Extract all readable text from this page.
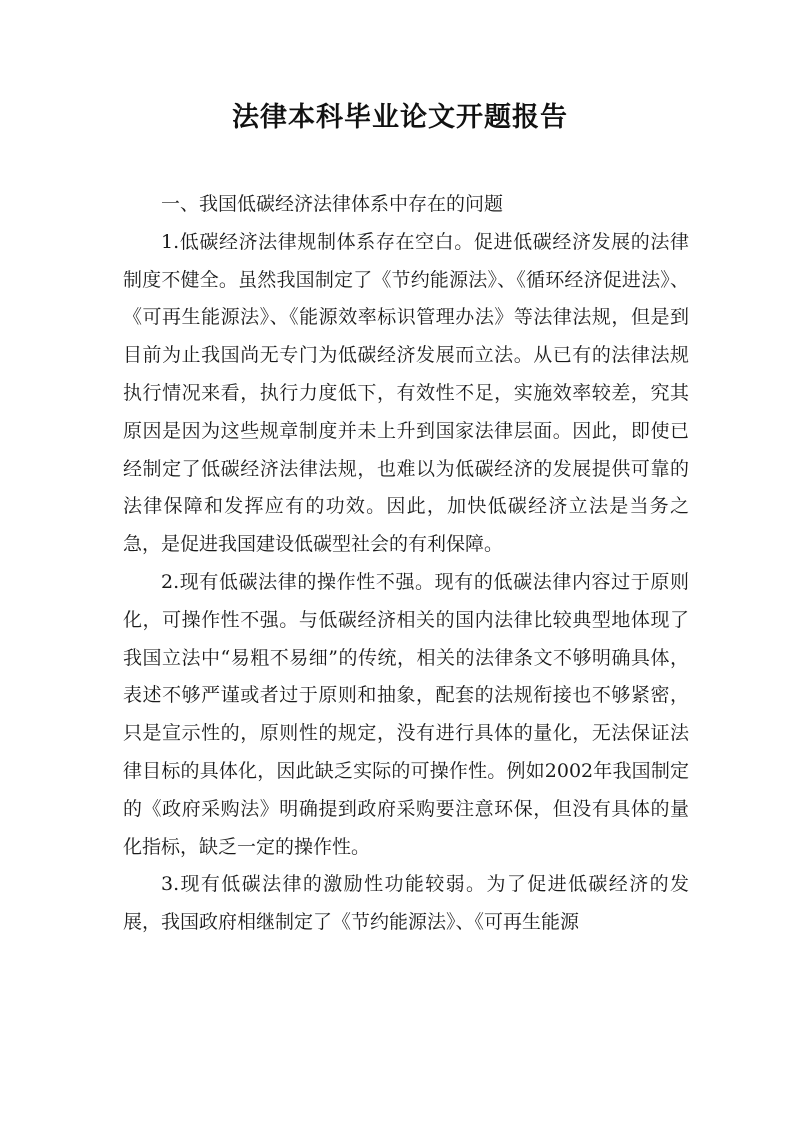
法律本科毕业论文开题报告

一、我国低碳经济法律体系中存在的问题

1.低碳经济法律规制体系存在空白。促进低碳经济发展的法律制度不健全。虽然我国制定了《节约能源法》、《循环经济促进法》、《可再生能源法》、《能源效率标识管理办法》等法律法规，但是到目前为止我国尚无专门为低碳经济发展而立法。从已有的法律法规执行情况来看，执行力度低下，有效性不足，实施效率较差，究其原因是因为这些规章制度并未上升到国家法律层面。因此，即使已经制定了低碳经济法律法规，也难以为低碳经济的发展提供可靠的法律保障和发挥应有的功效。因此，加快低碳经济立法是当务之急，是促进我国建设低碳型社会的有利保障。

2.现有低碳法律的操作性不强。现有的低碳法律内容过于原则化，可操作性不强。与低碳经济相关的国内法律比较典型地体现了我国立法中“易粗不易细”的传统，相关的法律条文不够明确具体，表述不够严谨或者过于原则和抽象，配套的法规衔接也不够紧密，只是宣示性的，原则性的规定，没有进行具体的量化，无法保证法律目标的具体化，因此缺乏实际的可操作性。例如2002年我国制定的《政府采购法》明确提到政府采购要注意环保，但没有具体的量化指标，缺乏一定的操作性。

3.现有低碳法律的激励性功能较弱。为了促进低碳经济的发展，我国政府相继制定了《节约能源法》、《可再生能源
